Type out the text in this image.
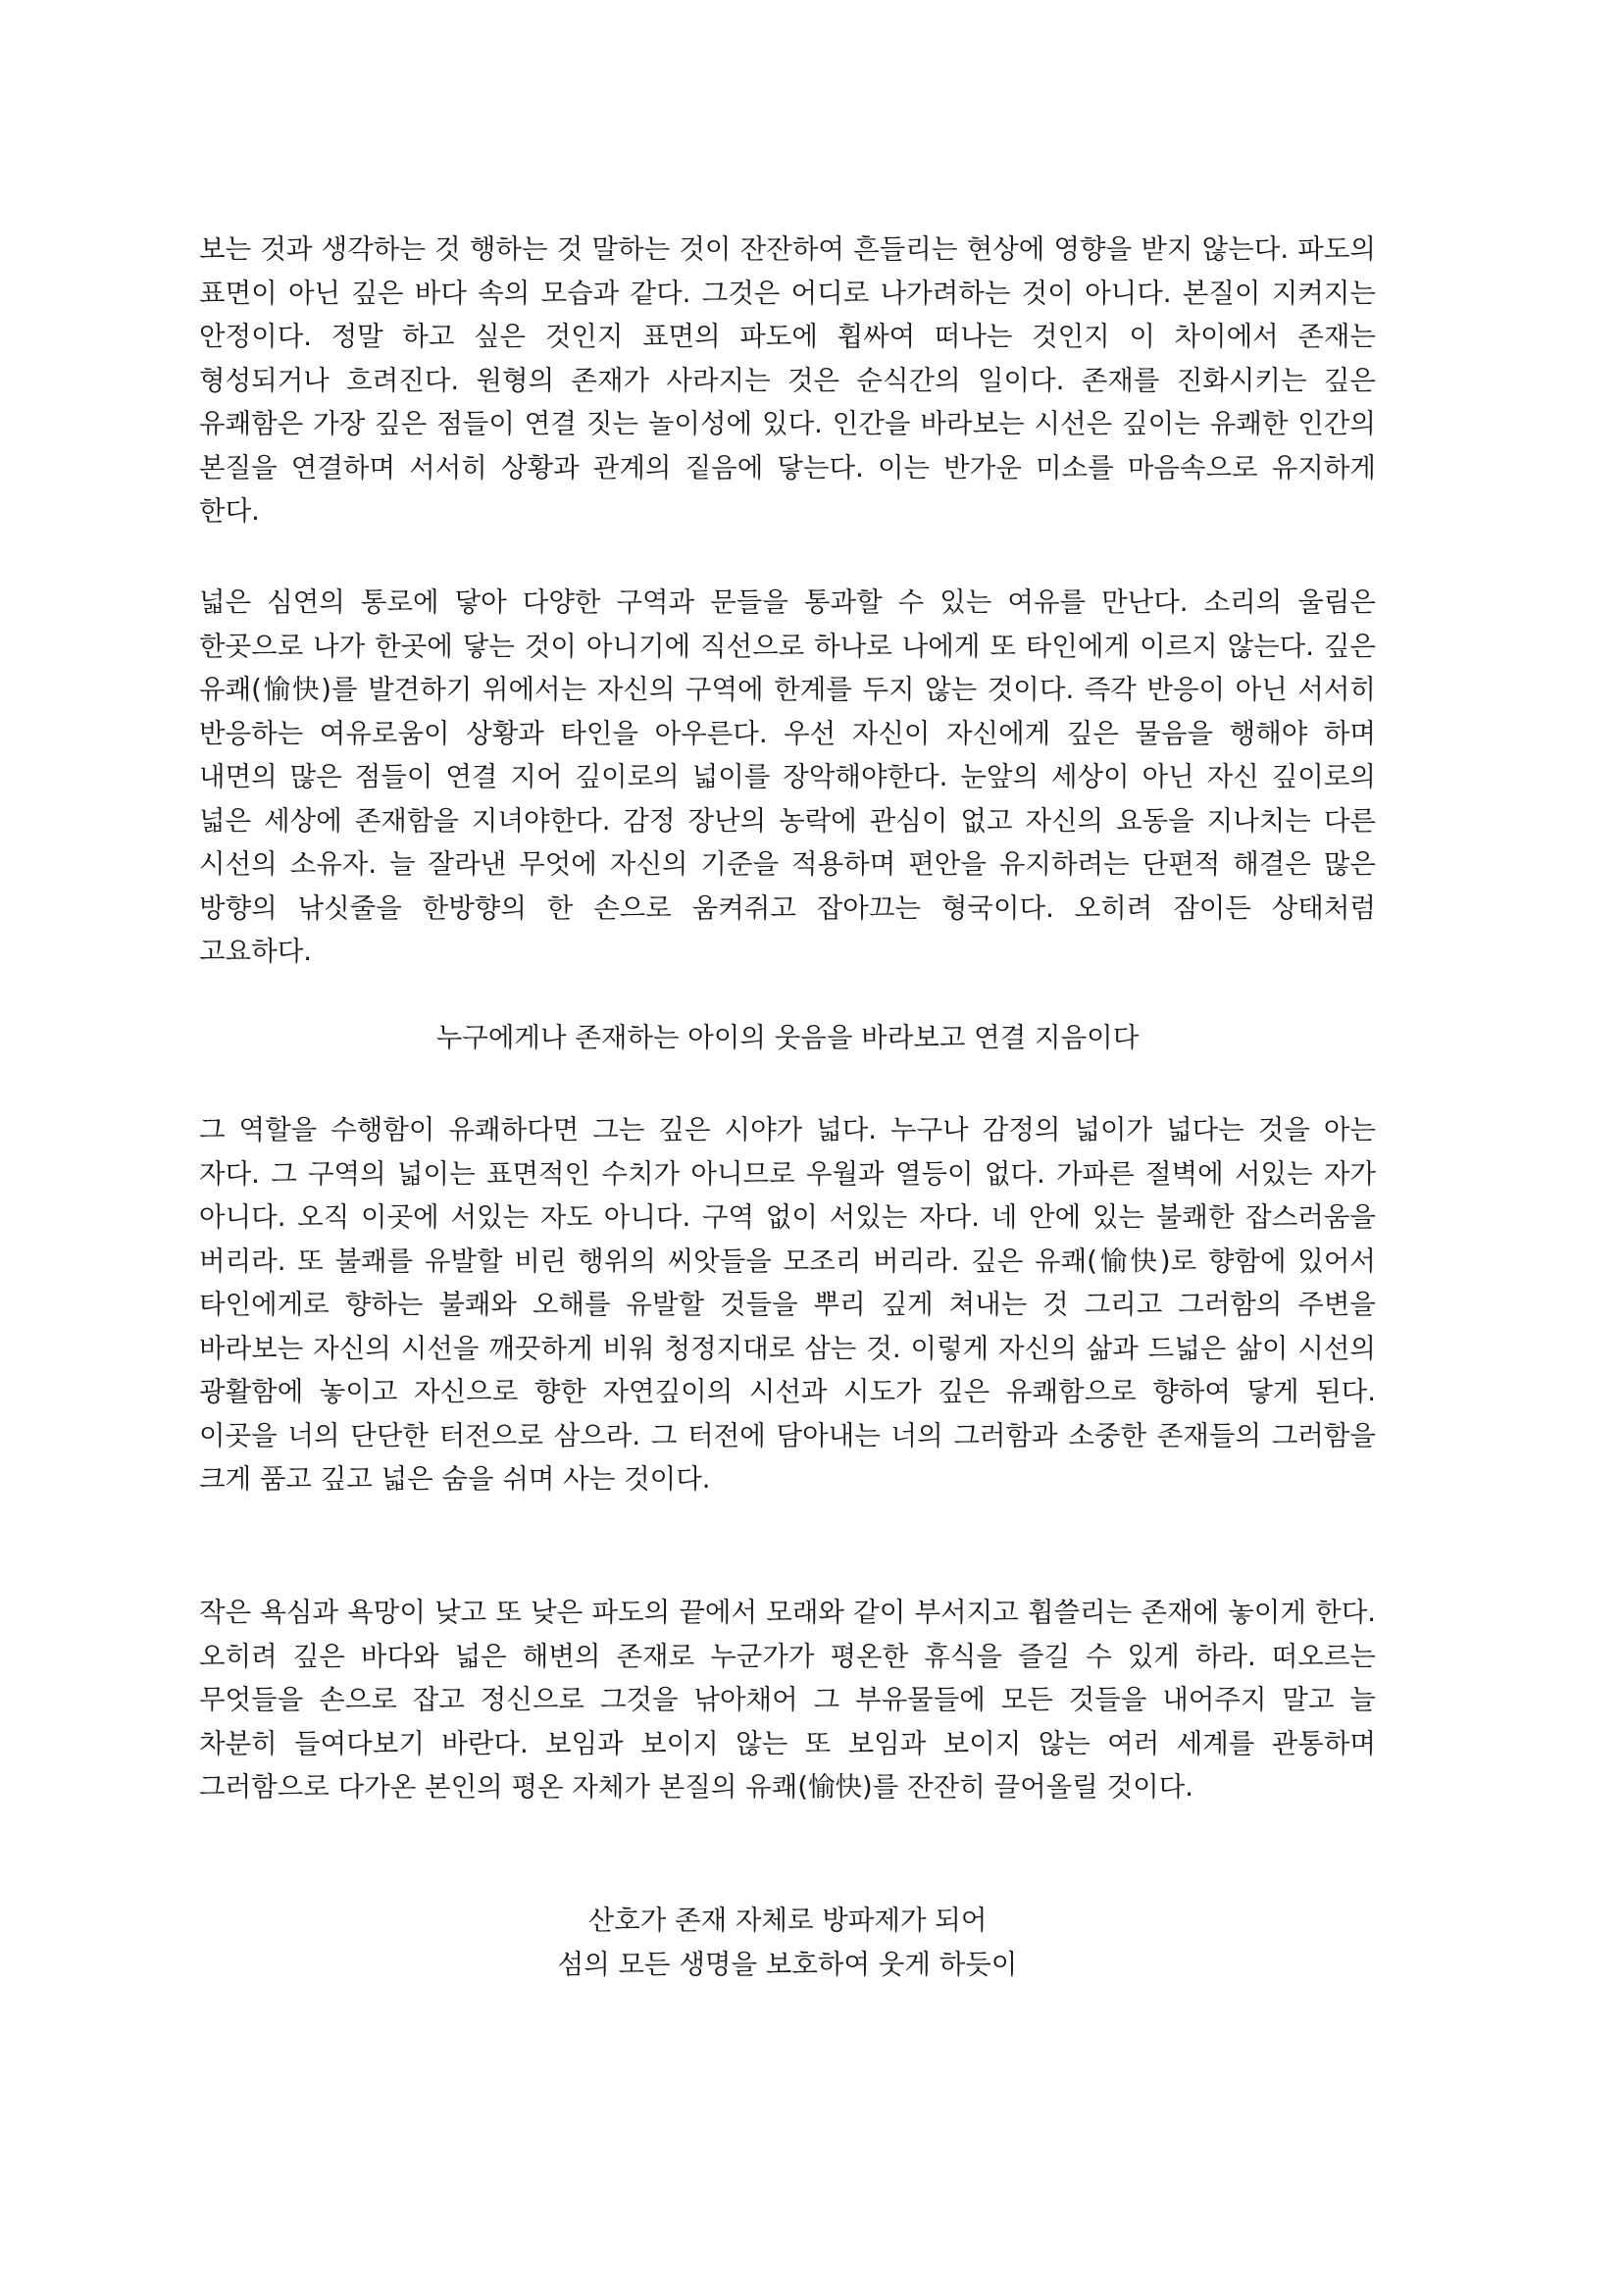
보는 것과 생각하는 것 행하는 것 말하는 것이 잔잔하여 흔들리는 현상에 영향을 받지 않는다. 파도의 표면이 아닌 깊은 바다 속의 모습과 같다. 그것은 어디로 나가려하는 것이 아니다. 본질이 지켜지는 안정이다. 정말 하고 싶은 것인지 표면의 파도에 휩싸여 떠나는 것인지 이 차이에서 존재는 형성되거나 흐려진다. 원형의 존재가 사라지는 것은 순식간의 일이다. 존재를 진화시키는 깊은 유쾌함은 가장 깊은 점들이 연결 짓는 놀이성에 있다. 인간을 바라보는 시선은 깊이는 유쾌한 인간의 본질을 연결하며 서서히 상황과 관계의 짙음에 닿는다. 이는 반가운 미소를 마음속으로 유지하게 한다.

넓은 심연의 통로에 닿아 다양한 구역과 문들을 통과할 수 있는 여유를 만난다. 소리의 울림은 한곳으로 나가 한곳에 닿는 것이 아니기에 직선으로 하나로 나에게 또 타인에게 이르지 않는다. 깊은 유쾌(愉快)를 발견하기 위에서는 자신의 구역에 한계를 두지 않는 것이다. 즉각 반응이 아닌 서서히 반응하는 여유로움이 상황과 타인을 아우른다. 우선 자신이 자신에게 깊은 물음을 행해야 하며 내면의 많은 점들이 연결 지어 깊이로의 넓이를 장악해야한다. 눈앞의 세상이 아닌 자신 깊이로의 넓은 세상에 존재함을 지녀야한다. 감정 장난의 농락에 관심이 없고 자신의 요동을 지나치는 다른 시선의 소유자. 늘 잘라낸 무엇에 자신의 기준을 적용하며 편안을 유지하려는 단편적 해결은 많은 방향의 낚싯줄을 한방향의 한 손으로 움켜쥐고 잡아끄는 형국이다. 오히려 잠이든 상태처럼 고요하다.

누구에게나 존재하는 아이의 웃음을 바라보고 연결 지음이다

그 역할을 수행함이 유쾌하다면 그는 깊은 시야가 넓다. 누구나 감정의 넓이가 넓다는 것을 아는 자다. 그 구역의 넓이는 표면적인 수치가 아니므로 우월과 열등이 없다. 가파른 절벽에 서있는 자가 아니다. 오직 이곳에 서있는 자도 아니다. 구역 없이 서있는 자다. 네 안에 있는 불쾌한 잡스러움을 버리라. 또 불쾌를 유발할 비린 행위의 씨앗들을 모조리 버리라. 깊은 유쾌(愉快)로 향함에 있어서 타인에게로 향하는 불쾌와 오해를 유발할 것들을 뿌리 깊게 쳐내는 것 그리고 그러함의 주변을 바라보는 자신의 시선을 깨끗하게 비워 청정지대로 삼는 것. 이렇게 자신의 삶과 드넓은 삶이 시선의 광활함에 놓이고 자신으로 향한 자연깊이의 시선과 시도가 깊은 유쾌함으로 향하여 닿게 된다. 이곳을 너의 단단한 터전으로 삼으라. 그 터전에 담아내는 너의 그러함과 소중한 존재들의 그러함을 크게 품고 깊고 넓은 숨을 쉬며 사는 것이다.

작은 욕심과 욕망이 낮고 또 낮은 파도의 끝에서 모래와 같이 부서지고 휩쓸리는 존재에 놓이게 한다. 오히려 깊은 바다와 넓은 해변의 존재로 누군가가 평온한 휴식을 즐길 수 있게 하라. 떠오르는 무엇들을 손으로 잡고 정신으로 그것을 낚아채어 그 부유물들에 모든 것들을 내어주지 말고 늘 차분히 들여다보기 바란다. 보임과 보이지 않는 또 보임과 보이지 않는 여러 세계를 관통하며 그러함으로 다가온 본인의 평온 자체가 본질의 유쾌(愉快)를 잔잔히 끌어올릴 것이다.

산호가 존재 자체로 방파제가 되어

섬의 모든 생명을 보호하여 웃게 하듯이
